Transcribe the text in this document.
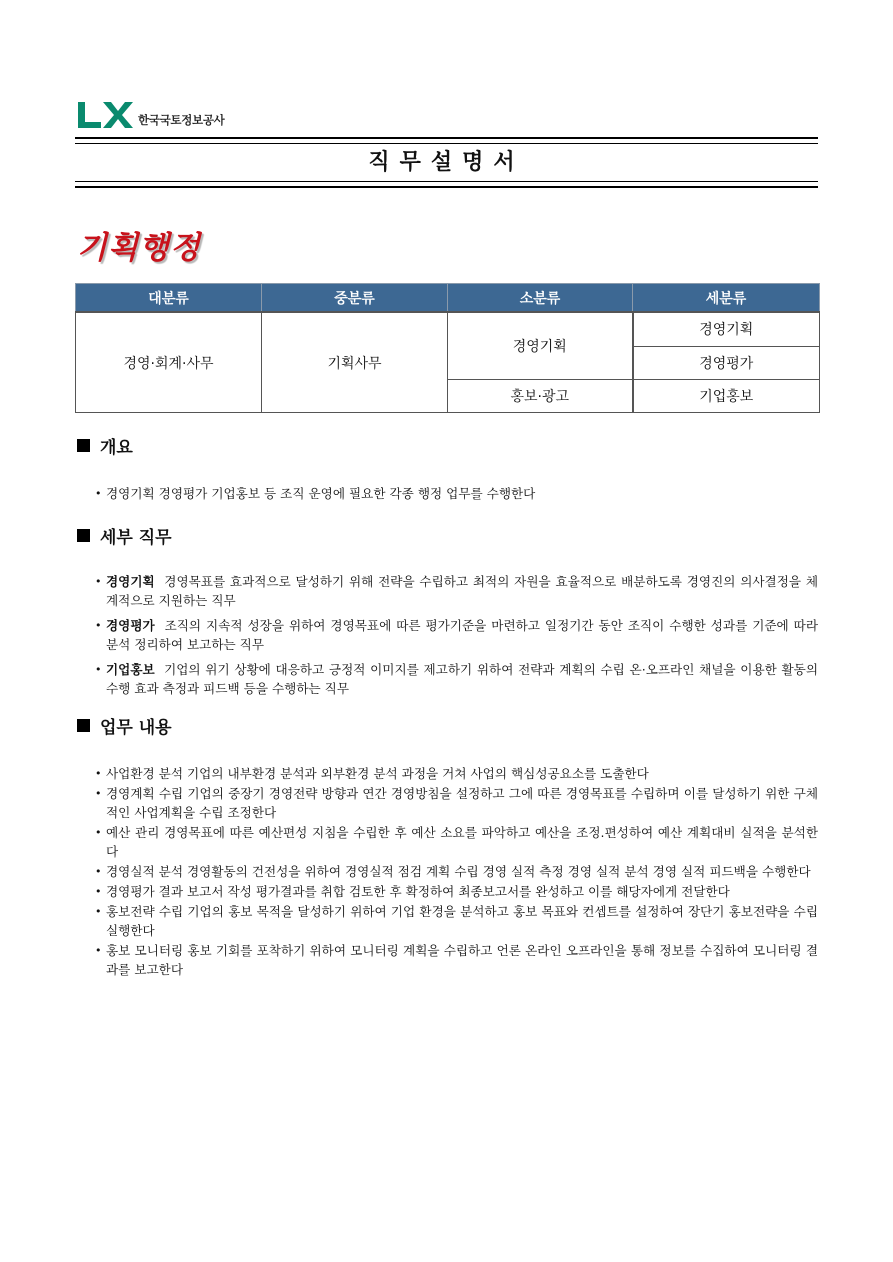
한국국토정보공사
직무설명서
기획행정
대분류	중분류	소분류	세분류
경영·회계·사무	기획사무	경영기획	경영기획
			경영평가
		홍보·광고	기업홍보
개요
• 경영기획 경영평가 기업홍보 등 조직 운영에 필요한 각종 행정 업무를 수행한다
세부 직무
• 경영기획 경영목표를 효과적으로 달성하기 위해 전략을 수립하고 최적의 자원을 효율적으로 배분하도록 경영진의 의사결정을 체계적으로 지원하는 직무
• 경영평가 조직의 지속적 성장을 위하여 경영목표에 따른 평가기준을 마련하고 일정기간 동안 조직이 수행한 성과를 기준에 따라 분석 정리하여 보고하는 직무
• 기업홍보 기업의 위기 상황에 대응하고 긍정적 이미지를 제고하기 위하여 전략과 계획의 수립 온·오프라인 채널을 이용한 활동의 수행 효과 측정과 피드백 등을 수행하는 직무
업무 내용
• 사업환경 분석 기업의 내부환경 분석과 외부환경 분석 과정을 거쳐 사업의 핵심성공요소를 도출한다
• 경영계획 수립 기업의 중장기 경영전략 방향과 연간 경영방침을 설정하고 그에 따른 경영목표를 수립하며 이를 달성하기 위한 구체적인 사업계획을 수립 조정한다
• 예산 관리 경영목표에 따른 예산편성 지침을 수립한 후 예산 소요를 파악하고 예산을 조정.편성하여 예산 계획대비 실적을 분석한다
• 경영실적 분석 경영활동의 건전성을 위하여 경영실적 점검 계획 수립 경영 실적 측정 경영 실적 분석 경영 실적 피드백을 수행한다
• 경영평가 결과 보고서 작성 평가결과를 취합 검토한 후 확정하여 최종보고서를 완성하고 이를 해당자에게 전달한다
• 홍보전략 수립 기업의 홍보 목적을 달성하기 위하여 기업 환경을 분석하고 홍보 목표와 컨셉트를 설정하여 장단기 홍보전략을 수립 실행한다
• 홍보 모니터링 홍보 기회를 포착하기 위하여 모니터링 계획을 수립하고 언론 온라인 오프라인을 통해 정보를 수집하여 모니터링 결과를 보고한다
